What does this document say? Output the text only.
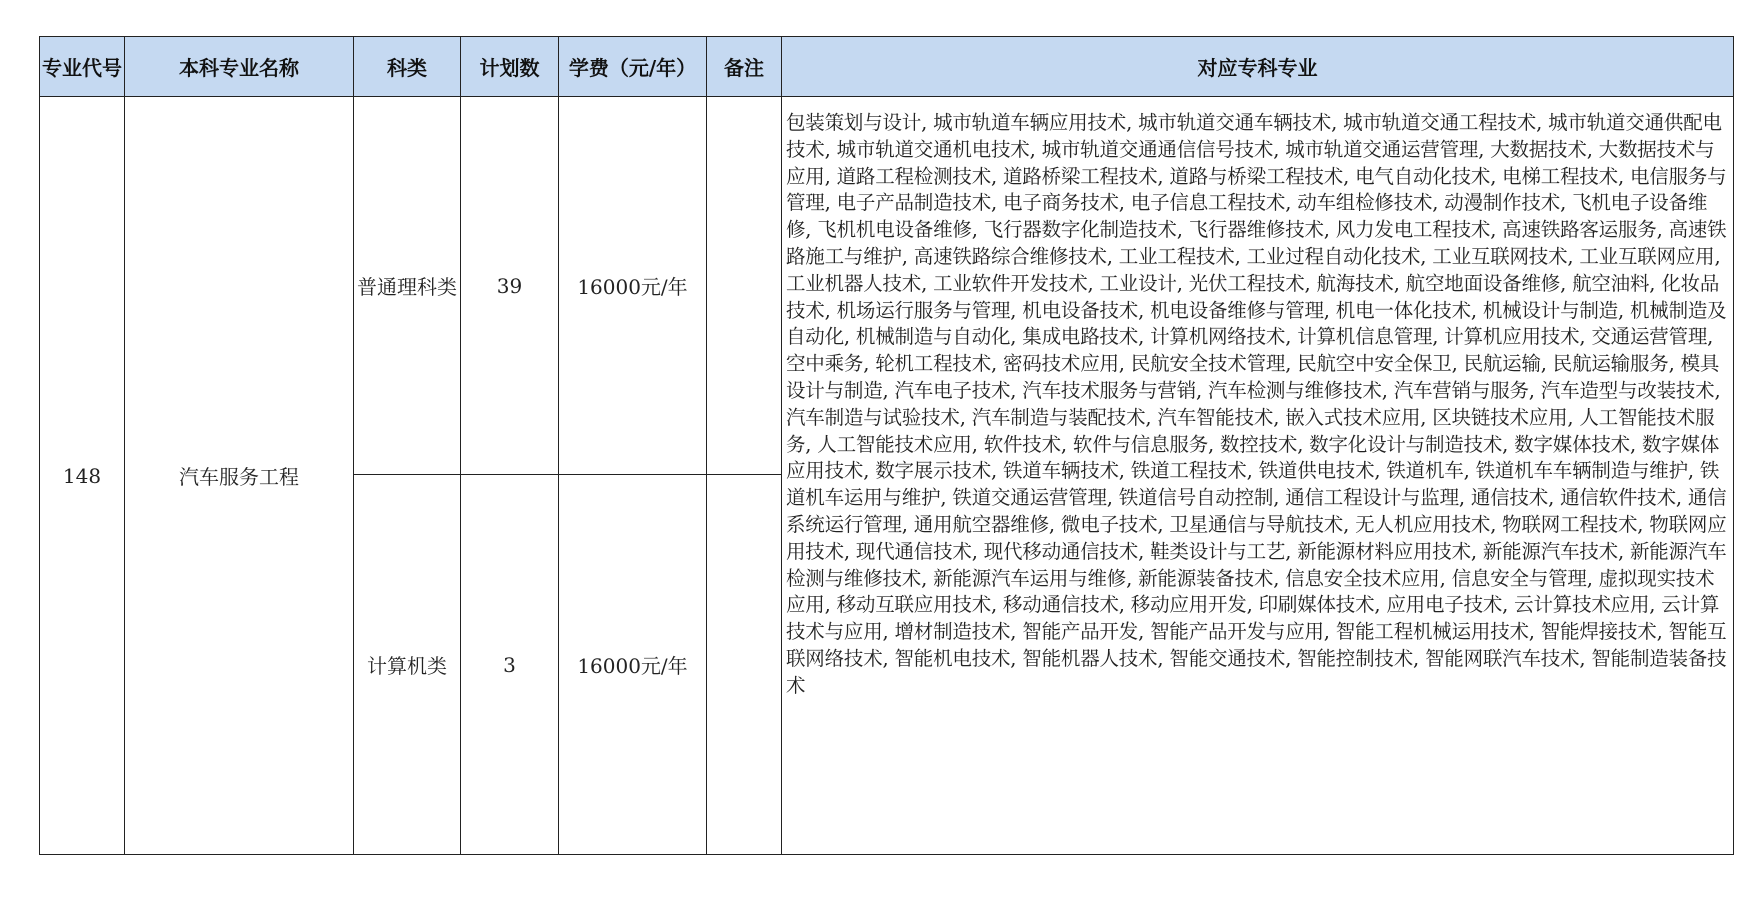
专业代号	本科专业名称	科类	计划数	学费（元/年）	备注	对应专科专业
148	汽车服务工程	普通理科类	39	16000元/年		包装策划与设计, 城市轨道车辆应用技术, 城市轨道交通车辆技术, 城市轨道交通工程技术, 城市轨道交通供配电技术, 城市轨道交通机电技术, 城市轨道交通通信信号技术, 城市轨道交通运营管理, 大数据技术, 大数据技术与应用, 道路工程检测技术, 道路桥梁工程技术, 道路与桥梁工程技术, 电气自动化技术, 电梯工程技术, 电信服务与管理, 电子产品制造技术, 电子商务技术, 电子信息工程技术, 动车组检修技术, 动漫制作技术, 飞机电子设备维修, 飞机机电设备维修, 飞行器数字化制造技术, 飞行器维修技术, 风力发电工程技术, 高速铁路客运服务, 高速铁路施工与维护, 高速铁路综合维修技术, 工业工程技术, 工业过程自动化技术, 工业互联网技术, 工业互联网应用, 工业机器人技术, 工业软件开发技术, 工业设计, 光伏工程技术, 航海技术, 航空地面设备维修, 航空油料, 化妆品技术, 机场运行服务与管理, 机电设备技术, 机电设备维修与管理, 机电一体化技术, 机械设计与制造, 机械制造及自动化, 机械制造与自动化, 集成电路技术, 计算机网络技术, 计算机信息管理, 计算机应用技术, 交通运营管理, 空中乘务, 轮机工程技术, 密码技术应用, 民航安全技术管理, 民航空中安全保卫, 民航运输, 民航运输服务, 模具设计与制造, 汽车电子技术, 汽车技术服务与营销, 汽车检测与维修技术, 汽车营销与服务, 汽车造型与改装技术, 汽车制造与试验技术, 汽车制造与装配技术, 汽车智能技术, 嵌入式技术应用, 区块链技术应用, 人工智能技术服务, 人工智能技术应用, 软件技术, 软件与信息服务, 数控技术, 数字化设计与制造技术, 数字媒体技术, 数字媒体应用技术, 数字展示技术, 铁道车辆技术, 铁道工程技术, 铁道供电技术, 铁道机车, 铁道机车车辆制造与维护, 铁道机车运用与维护, 铁道交通运营管理, 铁道信号自动控制, 通信工程设计与监理, 通信技术, 通信软件技术, 通信系统运行管理, 通用航空器维修, 微电子技术, 卫星通信与导航技术, 无人机应用技术, 物联网工程技术, 物联网应用技术, 现代通信技术, 现代移动通信技术, 鞋类设计与工艺, 新能源材料应用技术, 新能源汽车技术, 新能源汽车检测与维修技术, 新能源汽车运用与维修, 新能源装备技术, 信息安全技术应用, 信息安全与管理, 虚拟现实技术应用, 移动互联应用技术, 移动通信技术, 移动应用开发, 印刷媒体技术, 应用电子技术, 云计算技术应用, 云计算技术与应用, 增材制造技术, 智能产品开发, 智能产品开发与应用, 智能工程机械运用技术, 智能焊接技术, 智能互联网络技术, 智能机电技术, 智能机器人技术, 智能交通技术, 智能控制技术, 智能网联汽车技术, 智能制造装备技术
		计算机类	3	16000元/年		
